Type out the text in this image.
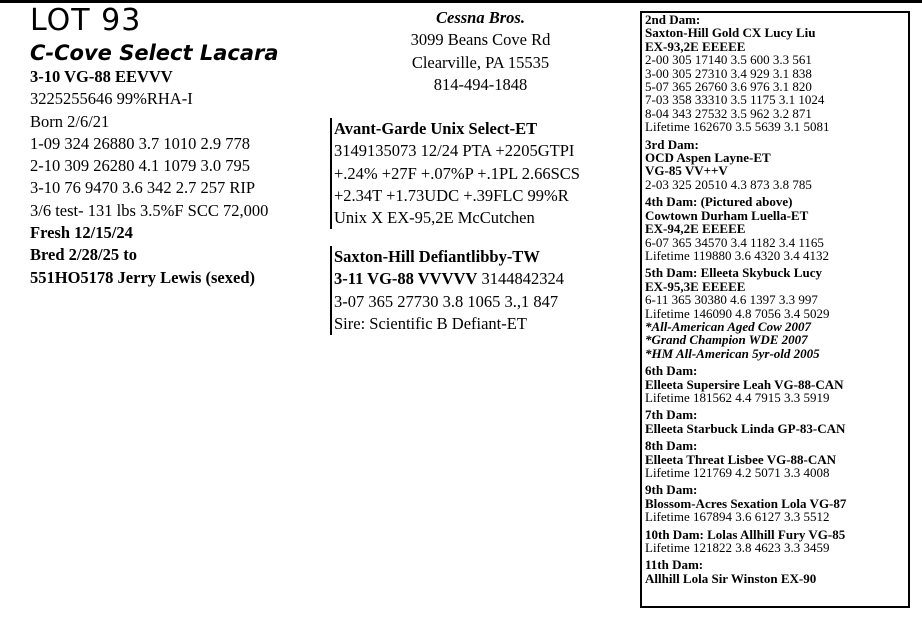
LOT 93
C-Cove Select Lacara
3-10 VG-88 EEVVV
3225255646 99%RHA-I
Born 2/6/21
1-09 324 26880 3.7 1010 2.9 778
2-10 309 26280 4.1 1079 3.0 795
3-10 76 9470 3.6 342 2.7 257 RIP
3/6 test- 131 lbs 3.5%F SCC 72,000
Fresh 12/15/24
Bred 2/28/25 to
551HO5178 Jerry Lewis (sexed)
Cessna Bros.
3099 Beans Cove Rd
Clearville, PA 15535
814-494-1848
Avant-Garde Unix Select-ET
3149135073 12/24 PTA +2205GTPI
+.24% +27F +.07%P +.1PL 2.66SCS
+2.34T +1.73UDC +.39FLC 99%R
Unix X EX-95,2E McCutchen
Saxton-Hill Defiantlibby-TW
3-11 VG-88 VVVVV 3144842324
3-07 365 27730 3.8 1065 3.,1 847
Sire: Scientific B Defiant-ET
2nd Dam:
Saxton-Hill Gold CX Lucy Liu
EX-93,2E EEEEE
2-00 305 17140 3.5 600 3.3 561
3-00 305 27310 3.4 929 3.1 838
5-07 365 26760 3.6 976 3.1 820
7-03 358 33310 3.5 1175 3.1 1024
8-04 343 27532 3.5 962 3.2 871
Lifetime 162670 3.5 5639 3.1 5081
3rd Dam:
OCD Aspen Layne-ET
VG-85 VV++V
2-03 325 20510 4.3 873 3.8 785
4th Dam: (Pictured above)
Cowtown Durham Luella-ET
EX-94,2E EEEEE
6-07 365 34570 3.4 1182 3.4 1165
Lifetime 119880 3.6 4320 3.4 4132
5th Dam: Elleeta Skybuck Lucy
EX-95,3E EEEEE
6-11 365 30380 4.6 1397 3.3 997
Lifetime 146090 4.8 7056 3.4 5029
*All-American Aged Cow 2007
*Grand Champion WDE 2007
*HM All-American 5yr-old 2005
6th Dam:
Elleeta Supersire Leah VG-88-CAN
Lifetime 181562 4.4 7915 3.3 5919
7th Dam:
Elleeta Starbuck Linda GP-83-CAN
8th Dam:
Elleeta Threat Lisbee VG-88-CAN
Lifetime 121769 4.2 5071 3.3 4008
9th Dam:
Blossom-Acres Sexation Lola VG-87
Lifetime 167894 3.6 6127 3.3 5512
10th Dam: Lolas Allhill Fury VG-85
Lifetime 121822 3.8 4623 3.3 3459
11th Dam:
Allhill Lola Sir Winston EX-90
